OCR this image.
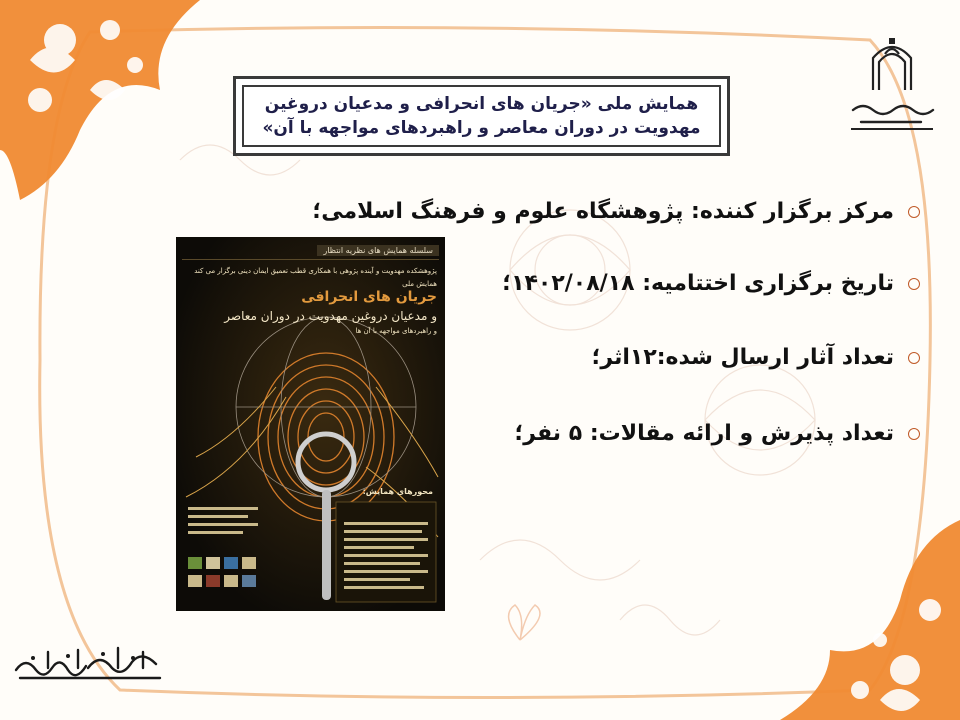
همایش ملی «جریان های انحرافی و مدعیان دروغین
مهدویت در دوران معاصر و راهبردهای مواجهه با آن»
مرکز برگزار کننده: پژوهشگاه علوم و فرهنگ اسلامی؛
تاریخ برگزاری اختتامیه: ۱۴۰۲/۰۸/۱۸؛
تعداد آثار ارسال شده:۱۲اثر؛
تعداد پذیرش و ارائه مقالات: ۵ نفر؛
سلسله همایش های نظریه انتظار
پژوهشکده مهدویت و آینده پژوهی با همکاری قطب تعمیق ایمان دینی برگزار می کند
همایش ملی
جریان های انحرافی
و مدعیان دروغین مهدویت در دوران معاصر
و راهبردهای مواجهه با آن ها
محورهای همایش:
